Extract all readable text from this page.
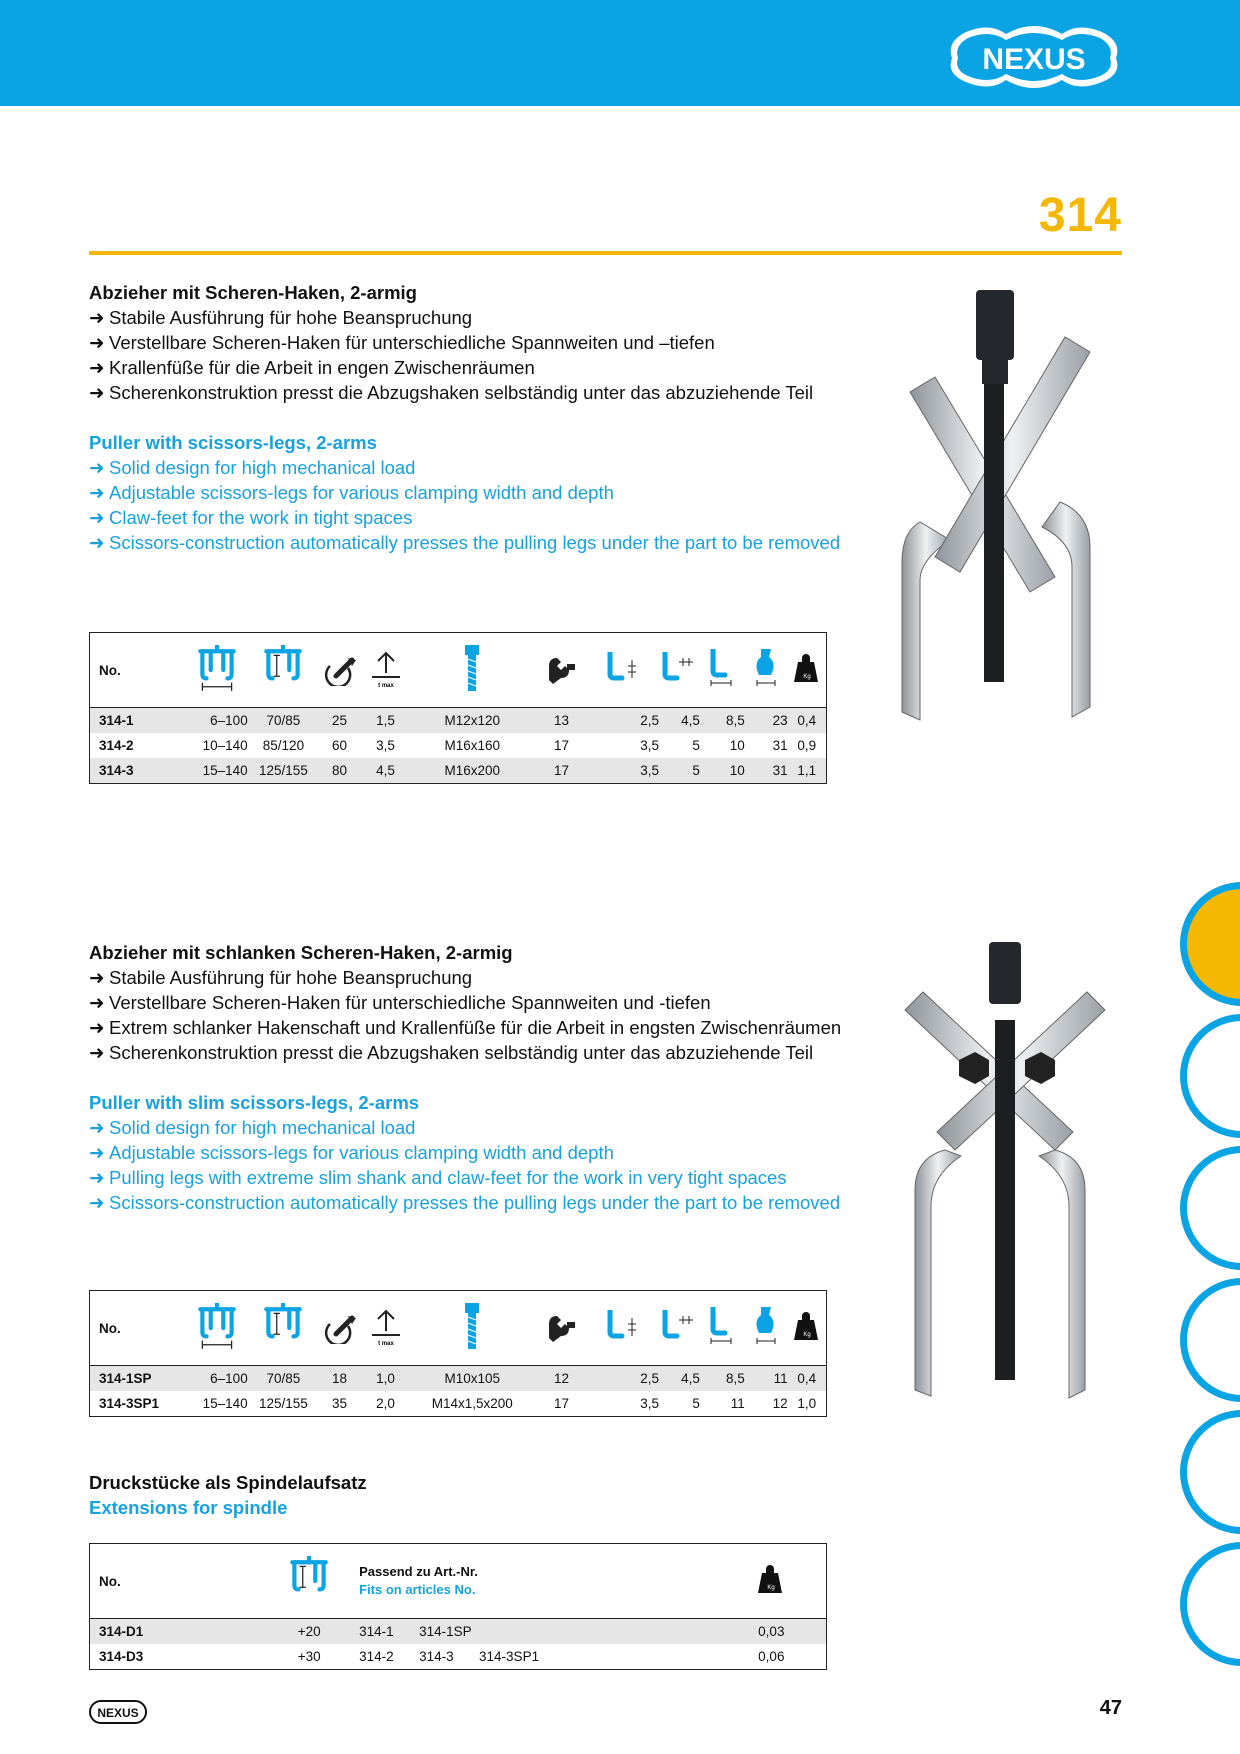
NEXUS
314
Abzieher mit Scheren-Haken, 2-armig
➜ Stabile Ausführung für hohe Beanspruchung
➜ Verstellbare Scheren-Haken für unterschiedliche Spannweiten und –tiefen
➜ Krallenfüße für die Arbeit in engen Zwischenräumen
➜ Scherenkonstruktion presst die Abzugshaken selbständig unter das abzuziehende Teil
Puller with scissors-legs, 2-arms
➜ Solid design for high mechanical load
➜ Adjustable scissors-legs for various clamping width and depth
➜ Claw-feet for the work in tight spaces
➜ Scissors-construction automatically presses the pulling legs under the part to be removed
No.				t max							Kg

314-1	6–100	70/85	25	1,5	M12x120	13	2,5	4,5	8,5	23	0,4
314-2	10–140	85/120	60	3,5	M16x160	17	3,5	5	10	31	0,9
314-3	15–140	125/155	80	4,5	M16x200	17	3,5	5	10	31	1,1
Abzieher mit schlanken Scheren-Haken, 2-armig
➜ Stabile Ausführung für hohe Beanspruchung
➜ Verstellbare Scheren-Haken für unterschiedliche Spannweiten und -tiefen
➜ Extrem schlanker Hakenschaft und Krallenfüße für die Arbeit in engsten Zwischenräumen
➜ Scherenkonstruktion presst die Abzugshaken selbständig unter das abzuziehende Teil
Puller with slim scissors-legs, 2-arms
➜ Solid design for high mechanical load
➜ Adjustable scissors-legs for various clamping width and depth
➜ Pulling legs with extreme slim shank and claw-feet for the work in very tight spaces
➜ Scissors-construction automatically presses the pulling legs under the part to be removed
No.				t max							Kg

314-1SP	6–100	70/85	18	1,0	M10x105	12	2,5	4,5	8,5	11	0,4
314-3SP1	15–140	125/155	35	2,0	M14x1,5x200	17	3,5	5	11	12	1,0
Druckstücke als Spindelaufsatz
Extensions for spindle
No.		Passend zu Art.-Nr.
Fits on articles No.			Kg

314-D1	+20	314-1	314-1SP		0,03
314-D3	+30	314-2	314-3	314-3SP1	0,06
NEXUS	47
